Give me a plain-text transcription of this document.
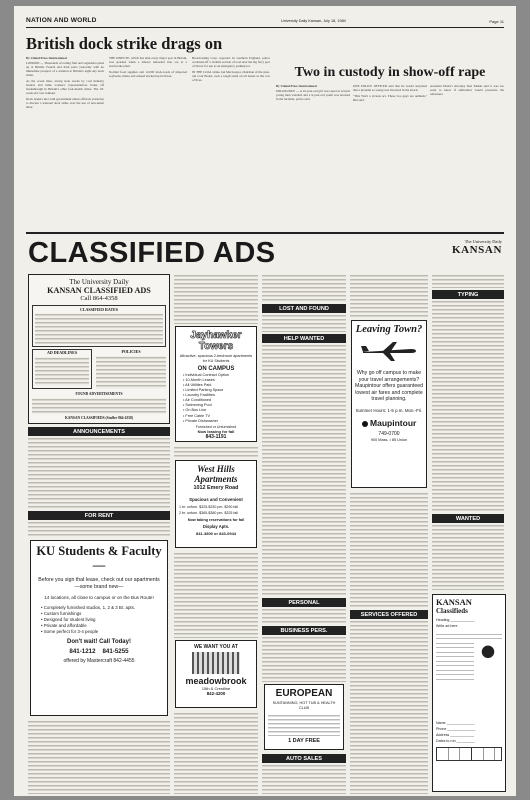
NATION AND WORLD	University Daily Kansan, July 18, 1984	Page 11
British dock strike drags on
By United Press International
LONDON — Thousands of rotting fruit and vegetables piled up at British, French and Irish ports yesterday with no immediate prospect of a solution to Britain's eight-day dock strike.
As the ocean liner, strong state stocks by coal industry leaders and mine workers' representatives broke off breakthrough in Britain's other four-month strike. The 18-week-old coal walkout.
Dock leaders met with government union officials yesterday to discuss a national dock strike over the use of non-union labor.
THE DISPUTE, which has shut every major port in Britain, was sparked when a laborer unloaded iron ore at a steelworks plant.
Normal food supplies and 12,000 truck-loads of imported soybeans, maize and oilseed stacked up in Dover.
Broadcasting Corp. reported. In southern England, police cordoned off a 10-mile section of road near the big ferry port of Dover for use as an emergency parking lot.
IN THE COAL strike, Ian MacGregor, chairman of the state-run Coal Board, took a tough stand on all issues as the row of lives.	Two in custody in show-off rape
By United Press International
MILWAUKEE — A 16-year-old girl was raped as several young men watched and a 9-year-old youth was arrested in the incident, police said.
ONE POLICE OFFICER said that he wasn't surprised that a juvenile so young was involved in the attack.
"This WAS a vicious act. These two guys are animals," Ritt said.
Assistant District Attorney Ken Emkin said it was too early to know if authorities would prosecute the onlookers.
CLASSIFIED ADS	The University Daily
KANSAN
The University Daily
KANSAN CLASSIFIED ADS
Call 864-4358
CLASSIFIED RATES
AD DEADLINES	POLICIES
FOUND ADVERTISEMENTS
KANSAN CLASSIFIEDS (Staffer 864-4358)
ANNOUNCEMENTS
FOR RENT
KU Students & Faculty—
Before you sign that lease, check out our apartments —some brand new—
14 locations, all close to campus or on the Bus Route!
• Completely furnished studios, 1, 2 & 3 Br. apts.
• Custom furnishings
• Designed for student living
• Private and affordable
• Some perfect for 3-4 people
Don't wait! Call Today!
841-1212 841-5255
offered by Mastercraft 842-4455
Jayhawker
Towers
Attractive, spacious 2-bedroom apartments for KU Students
ON CAMPUS
• Individual Contract Option
• 10-Month Leases
• All Utilities Paid
• Limited Parking Space
• Laundry Facilities
• Air Conditioned
• Swimming Pool
• On Bus Line
• Free Cable TV
• Private Dishwasher
Furnished or Unfurnished
Now leasing for fall
843-1191
West Hills Apartments
1012 Emery Road
Spacious and Convenient
1 br. unfurn. $325-$330 pm. $290 fall
2 br. unfurn. $365-$380 pm. $325 fall
Now taking reservations for fall
Display Apts.
841-3800 or 843-0944
WE WANT YOU AT
meadowbrook
15th & Crestline
842-4200
LOST AND FOUND
HELP WANTED
PERSONAL
BUSINESS PERS.
EUROPEAN
SUNTANNING, HOT TUB & HEALTH CLUB
1 DAY FREE
AUTO SALES
Leaving Town?
Why go off campus to make your travel arrangements? Maupintour offers guaranteed lowest air fares and complete travel planning.
Summer Hours: 1-5 p.m. Mon.-Fri.
Maupintour
749-0700
900 Mass. • 85 Union
SERVICES OFFERED
TYPING
WANTED
KANSAN
Classifieds
Heading ____________
Write ad here
Name ______________
Phone ______________
Address ____________
Dates to run _________
